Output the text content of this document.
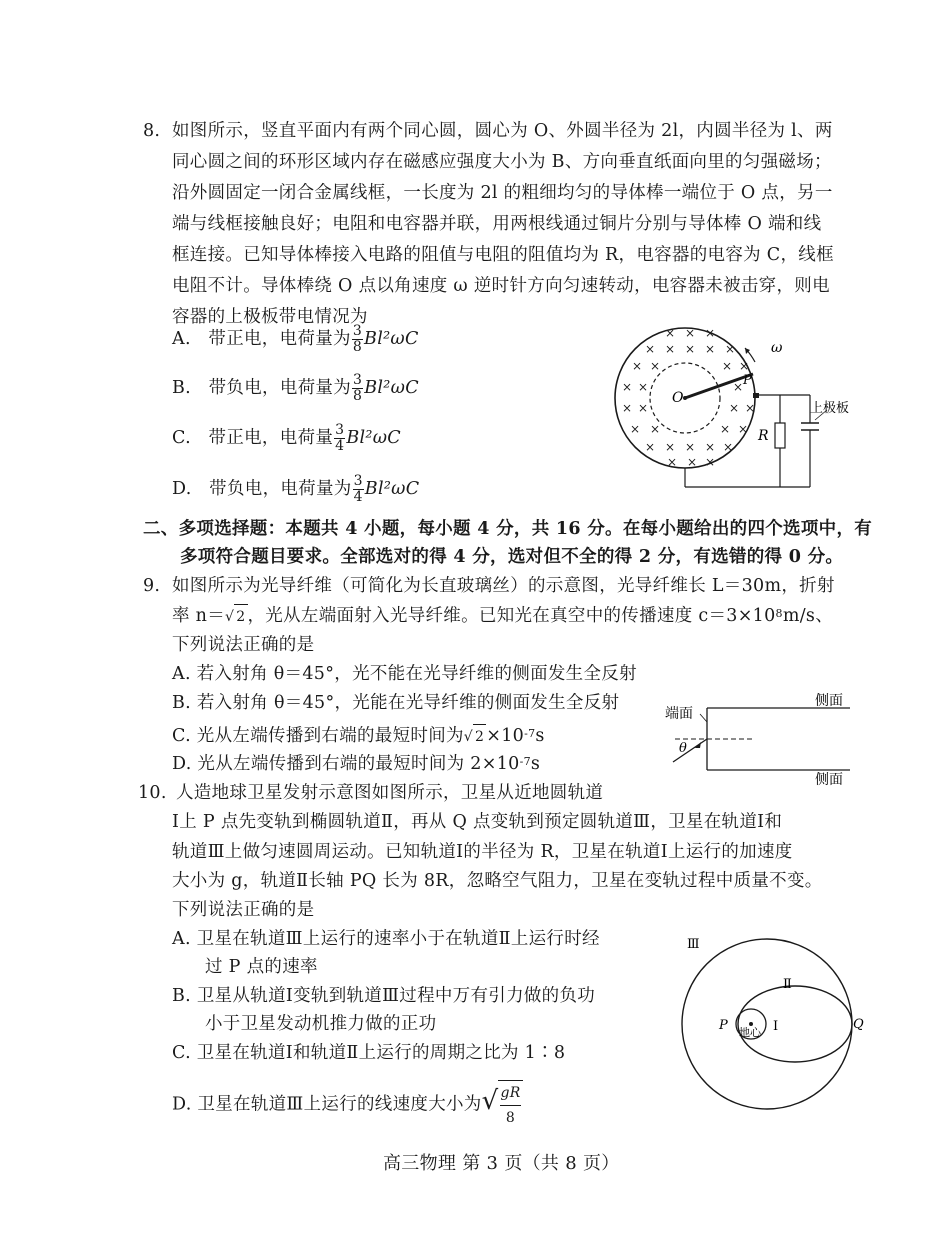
8. 如图所示，竖直平面内有两个同心圆，圆心为 O、外圆半径为 2l，内圆半径为 l、两
同心圆之间的环形区域内存在磁感应强度大小为 B、方向垂直纸面向里的匀强磁场；
沿外圆固定一闭合金属线框，一长度为 2l 的粗细均匀的导体棒一端位于 O 点，另一
端与线框接触良好；电阻和电容器并联，用两根线通过铜片分别与导体棒 O 端和线
框连接。已知导体棒接入电路的阻值与电阻的阻值均为 R，电容器的电容为 C，线框
电阻不计。导体棒绕 O 点以角速度 ω 逆时针方向匀速转动，电容器未被击穿，则电
容器的上极板带电情况为
A. 带正电，电荷量为 $\frac{3}{8} Bl^2\omega C$
B. 带负电，电荷量为 $\frac{3}{8} Bl^2\omega C$
C. 带正电，电荷量 $\frac{3}{4} Bl^2\omega C$
D. 带负电，电荷量为 $\frac{3}{4} Bl^2\omega C$
× × ×
× × × × ×
× ×	× ×
× ×	×
× ×	× ×
× ×	× ×
× × × × ×
× × ×
O
P
ω
上极板
R
二、多项选择题：本题共 4 小题，每小题 4 分，共 16 分。在每小题给出的四个选项中，有
多项符合题目要求。全部选对的得 4 分，选对但不全的得 2 分，有选错的得 0 分。
9. 如图所示为光导纤维（可简化为长直玻璃丝）的示意图，光导纤维长 L＝30m，折射
率 n＝√ 2 ，光从左端面射入光导纤维。已知光在真空中的传播速度 $c=3\times 10^8m/s$、
下列说法正确的是
A. 若入射角 θ＝45°，光不能在光导纤维的侧面发生全反射
B. 若入射角 θ＝45°，光能在光导纤维的侧面发生全反射
C. 光从左端传播到右端的最短时间为√ $2 \times 10^{-7}s$
D. 光从左端传播到右端的最短时间为 $2\times 10^{-7}s$
端面
侧面
侧面
θ
10. 人造地球卫星发射示意图如图所示，卫星从近地圆轨道
Ⅰ上 P 点先变轨到椭圆轨道Ⅱ，再从 Q 点变轨到预定圆轨道Ⅲ，卫星在轨道Ⅰ和
轨道Ⅲ上做匀速圆周运动。已知轨道Ⅰ的半径为 R，卫星在轨道Ⅰ上运行的加速度
大小为 g，轨道Ⅱ长轴 PQ 长为 8R，忽略空气阻力，卫星在变轨过程中质量不变。
下列说法正确的是
A. 卫星在轨道Ⅲ上运行的速率小于在轨道Ⅱ上运行时经
过 P 点的速率
B. 卫星从轨道Ⅰ变轨到轨道Ⅲ过程中万有引力做的负功
小于卫星发动机推力做的正功
C. 卫星在轨道Ⅰ和轨道Ⅱ上运行的周期之比为 1∶8
D. 卫星在轨道Ⅲ上运行的线速度大小为√ $\frac{gR}{8}$
地心
Ⅲ
Ⅱ
Ⅰ
P	Q
高三物理 第 3 页（共 8 页）
